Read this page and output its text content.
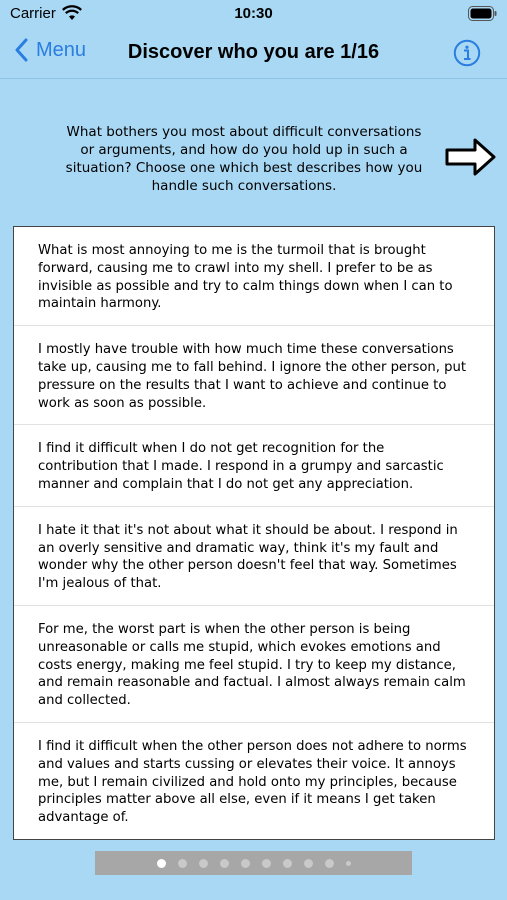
Carrier	10:30
Menu	Discover who you are 1/16
What bothers you most about difficult conversations or arguments, and how do you hold up in such a situation? Choose one which best describes how you handle such conversations.
What is most annoying to me is the turmoil that is brought forward, causing me to crawl into my shell. I prefer to be as invisible as possible and try to calm things down when I can to maintain harmony.
I mostly have trouble with how much time these conversations take up, causing me to fall behind. I ignore the other person, put pressure on the results that I want to achieve and continue to work as soon as possible.
I find it difficult when I do not get recognition for the contribution that I made. I respond in a grumpy and sarcastic manner and complain that I do not get any appreciation.
I hate it that it's not about what it should be about. I respond in an overly sensitive and dramatic way, think it's my fault and wonder why the other person doesn't feel that way. Sometimes I'm jealous of that.
For me, the worst part is when the other person is being unreasonable or calls me stupid, which evokes emotions and costs energy, making me feel stupid. I try to keep my distance, and remain reasonable and factual. I almost always remain calm and collected.
I find it difficult when the other person does not adhere to norms and values and starts cussing or elevates their voice. It annoys me, but I remain civilized and hold onto my principles, because principles matter above all else, even if it means I get taken advantage of.
